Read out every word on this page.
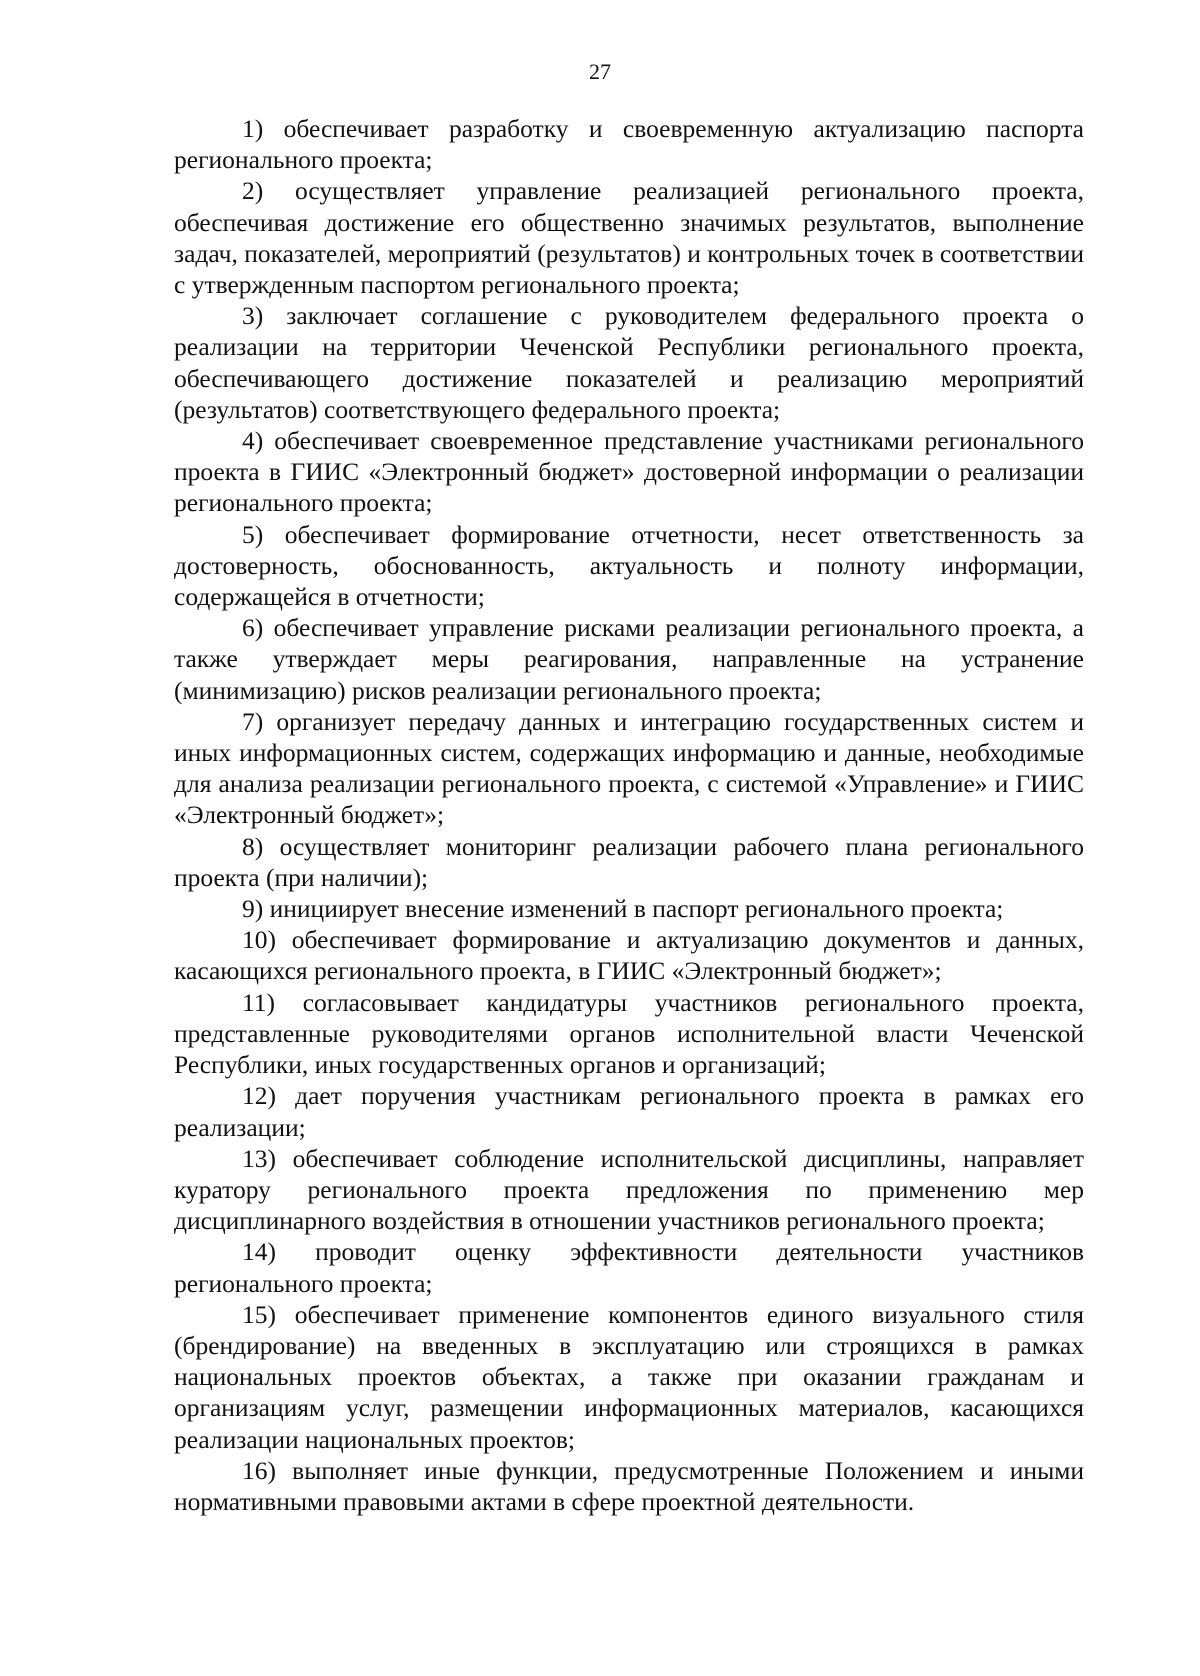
27

1) обеспечивает разработку и своевременную актуализацию паспорта регионального проекта;

2) осуществляет управление реализацией регионального проекта, обеспечивая достижение его общественно значимых результатов, выполнение задач, показателей, мероприятий (результатов) и контрольных точек в соответствии с утвержденным паспортом регионального проекта;

3) заключает соглашение с руководителем федерального проекта о реализации на территории Чеченской Республики регионального проекта, обеспечивающего достижение показателей и реализацию мероприятий (результатов) соответствующего федерального проекта;

4) обеспечивает своевременное представление участниками регионального проекта в ГИИС «Электронный бюджет» достоверной информации о реализации регионального проекта;

5) обеспечивает формирование отчетности, несет ответственность за достоверность, обоснованность, актуальность и полноту информации, содержащейся в отчетности;

6) обеспечивает управление рисками реализации регионального проекта, а также утверждает меры реагирования, направленные на устранение (минимизацию) рисков реализации регионального проекта;

7) организует передачу данных и интеграцию государственных систем и иных информационных систем, содержащих информацию и данные, необходимые для анализа реализации регионального проекта, с системой «Управление» и ГИИС «Электронный бюджет»;

8) осуществляет мониторинг реализации рабочего плана регионального проекта (при наличии);

9) инициирует внесение изменений в паспорт регионального проекта;

10) обеспечивает формирование и актуализацию документов и данных, касающихся регионального проекта, в ГИИС «Электронный бюджет»;

11) согласовывает кандидатуры участников регионального проекта, представленные руководителями органов исполнительной власти Чеченской Республики, иных государственных органов и организаций;

12) дает поручения участникам регионального проекта в рамках его реализации;

13) обеспечивает соблюдение исполнительской дисциплины, направляет куратору регионального проекта предложения по применению мер дисциплинарного воздействия в отношении участников регионального проекта;

14) проводит оценку эффективности деятельности участников регионального проекта;

15) обеспечивает применение компонентов единого визуального стиля (брендирование) на введенных в эксплуатацию или строящихся в рамках национальных проектов объектах, а также при оказании гражданам и организациям услуг, размещении информационных материалов, касающихся реализации национальных проектов;

16) выполняет иные функции, предусмотренные Положением и иными нормативными правовыми актами в сфере проектной деятельности.
